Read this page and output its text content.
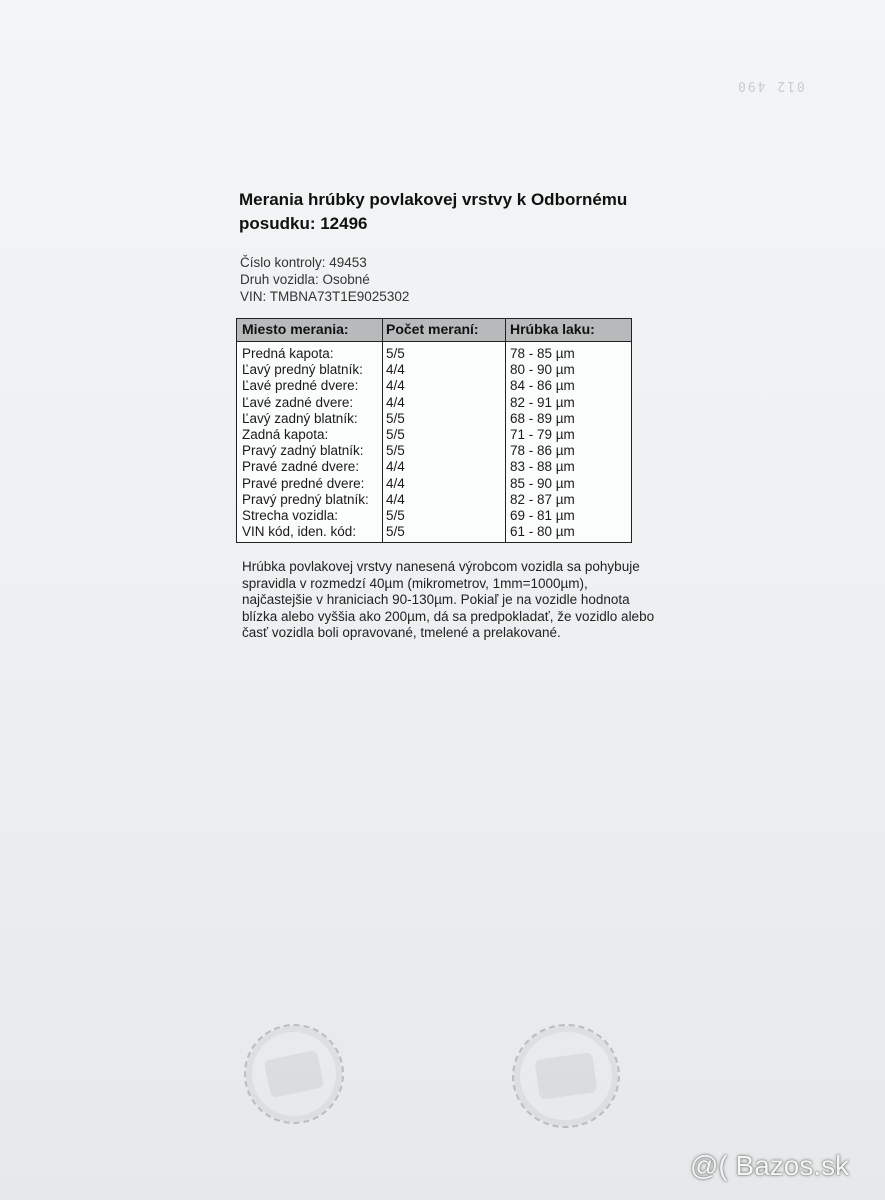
012 490
Merania hrúbky povlakovej vrstvy k Odbornému posudku: 12496
Číslo kontroly: 49453
Druh vozidla: Osobné
VIN: TMBNA73T1E9025302
Miesto merania:	Počet meraní: Hrúbka laku:
Predná kapota:	5/5	78 - 85 µm
Ľavý predný blatník: 4/4	80 - 90 µm
Ľavé predné dvere: 4/4	84 - 86 µm
Ľavé zadné dvere: 4/4	82 - 91 µm
Ľavý zadný blatník: 5/5	68 - 89 µm
Zadná kapota:	5/5	71 - 79 µm
Pravý zadný blatník: 5/5	78 - 86 µm
Pravé zadné dvere: 4/4	83 - 88 µm
Pravé predné dvere: 4/4	85 - 90 µm
Pravý predný blatník: 4/4	82 - 87 µm
Strecha vozidla:	5/5	69 - 81 µm
VIN kód, iden. kód: 5/5	61 - 80 µm
Hrúbka povlakovej vrstvy nanesená výrobcom vozidla sa pohybuje spravidla v rozmedzí 40µm (mikrometrov, 1mm=1000µm), najčastejšie v hraniciach 90-130µm. Pokiaľ je na vozidle hodnota blízka alebo vyššia ako 200µm, dá sa predpokladať, že vozidlo alebo časť vozidla boli opravované, tmelené a prelakované.
@( Bazos.sk
